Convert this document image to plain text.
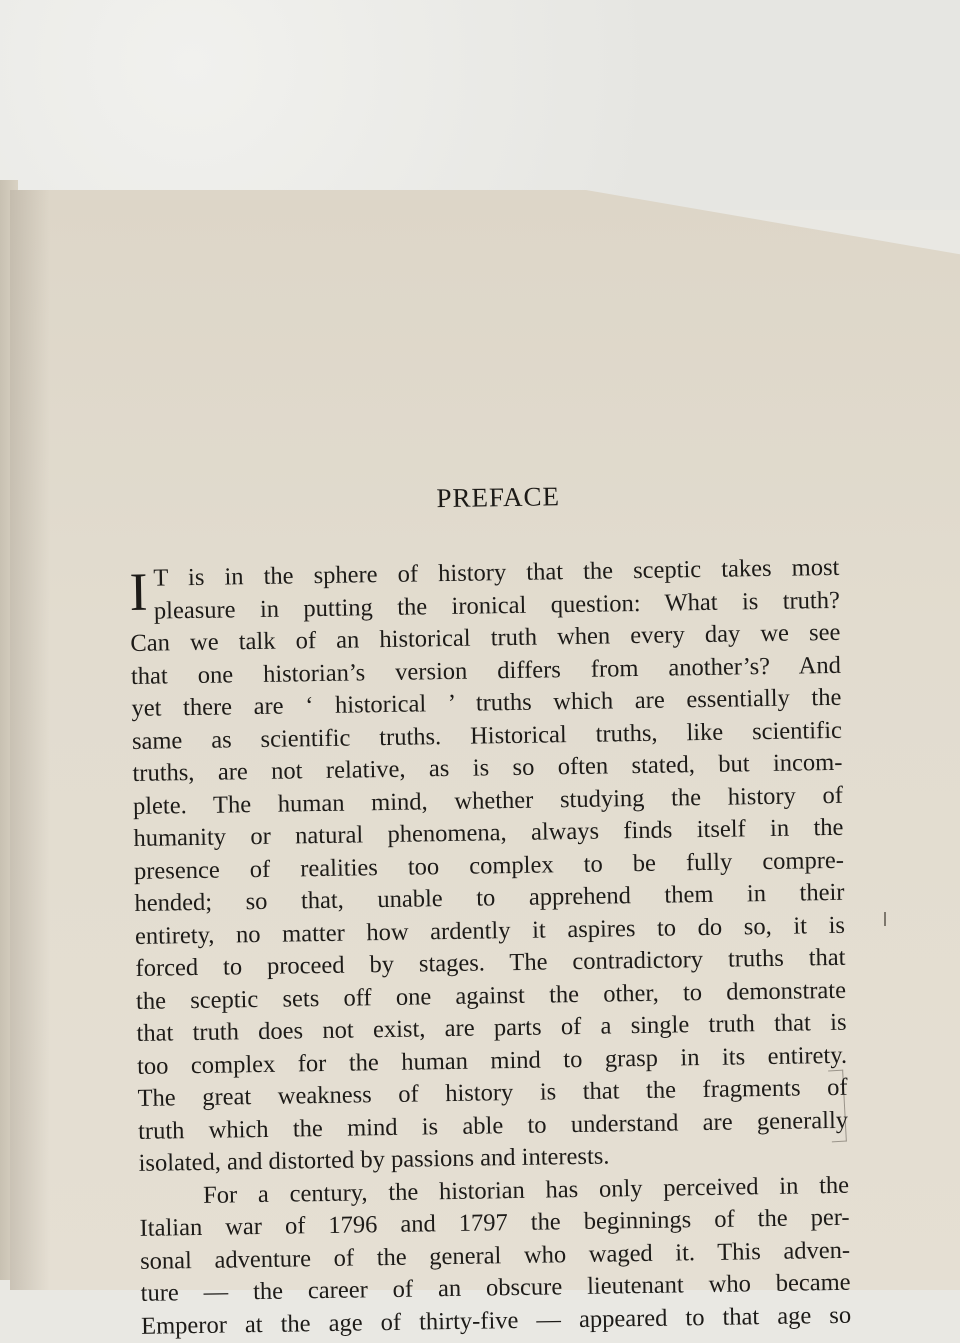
PREFACE
I T is in the sphere of history that the sceptic takes most
pleasure in putting the ironical question: What is truth?
Can we talk of an historical truth when every day we see
that one historian’s version differs from another’s? And
yet there are ‘ historical ’ truths which are essentially the
same as scientific truths. Historical truths, like scientific
truths, are not relative, as is so often stated, but incom-
plete. The human mind, whether studying the history of
humanity or natural phenomena, always finds itself in the
presence of realities too complex to be fully compre-
hended; so that, unable to apprehend them in their
entirety, no matter how ardently it aspires to do so, it is
forced to proceed by stages. The contradictory truths that
the sceptic sets off one against the other, to demonstrate
that truth does not exist, are parts of a single truth that is
too complex for the human mind to grasp in its entirety.
The great weakness of history is that the fragments of
truth which the mind is able to understand are generally
isolated, and distorted by passions and interests.
For a century, the historian has only perceived in the
Italian war of 1796 and 1797 the beginnings of the per-
sonal adventure of the general who waged it. This adven-
ture — the career of an obscure lieutenant who became
Emperor at the age of thirty-five — appeared to that age so
